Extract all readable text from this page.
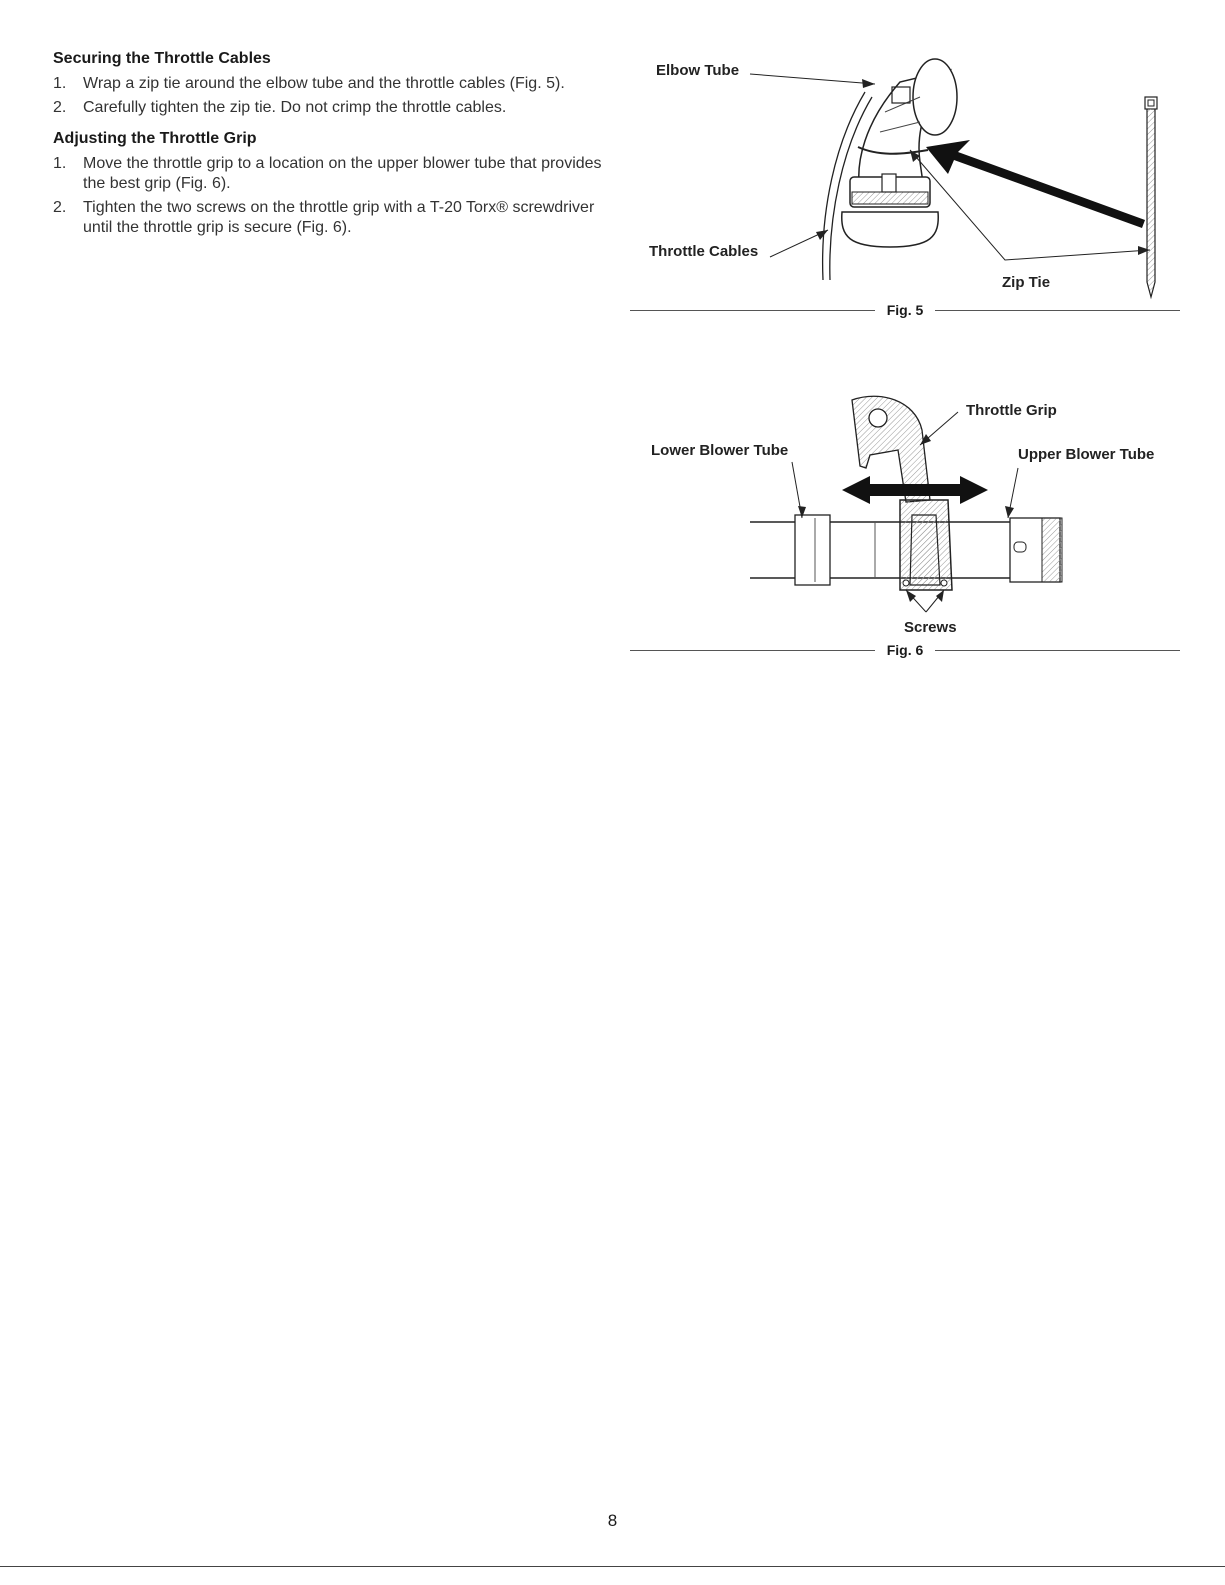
Securing the Throttle Cables
1.	Wrap a zip tie around the elbow tube and the throttle cables (Fig. 5).
2.	Carefully tighten the zip tie. Do not crimp the throttle cables.
Adjusting the Throttle Grip
1.	Move the throttle grip to a location on the upper blower tube that provides the best grip (Fig. 6).
2.	Tighten the two screws on the throttle grip with a T-20 Torx® screwdriver until the throttle grip is secure (Fig. 6).
Elbow Tube
Throttle Cables
Zip Tie
Fig. 5
Throttle Grip
Lower Blower Tube	Upper Blower Tube
Screws
Fig. 6
8
